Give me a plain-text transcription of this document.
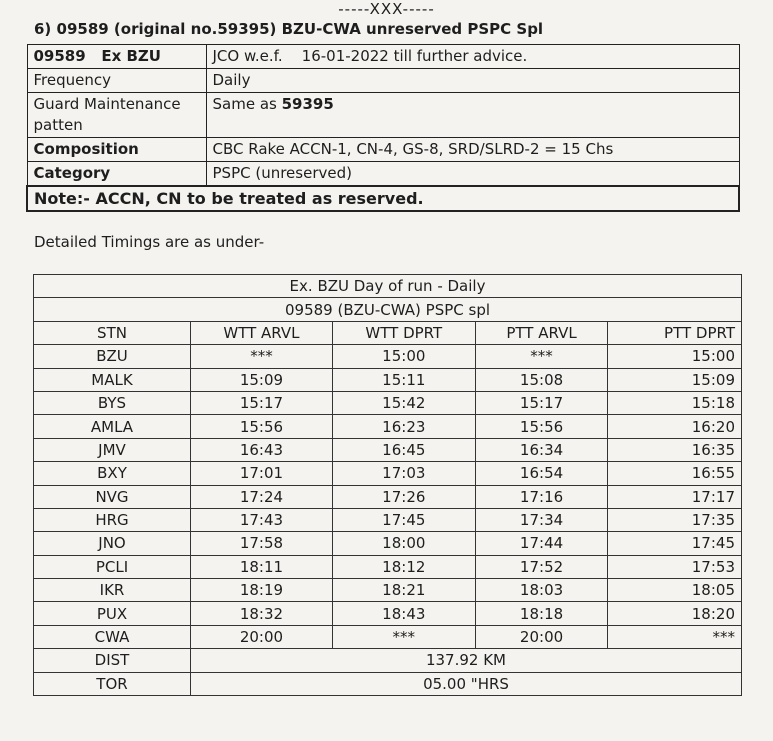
-----XXX-----
6) 09589 (original no.59395) BZU-CWA unreserved PSPC Spl
09589   Ex BZU	JCO w.e.f.    16-01-2022 till further advice.
Frequency	Daily
Guard Maintenance patten	Same as 59395
Composition	CBC Rake ACCN-1, CN-4, GS-8, SRD/SLRD-2 = 15 Chs
Category	PSPC (unreserved)
Note:- ACCN, CN to be treated as reserved.	
Detailed Timings are as under-
Ex. BZU Day of run - Daily				
09589 (BZU-CWA) PSPC spl				
STN	WTT ARVL	WTT DPRT	PTT ARVL	PTT DPRT
BZU	***	15:00	***	15:00
MALK	15:09	15:11	15:08	15:09
BYS	15:17	15:42	15:17	15:18
AMLA	15:56	16:23	15:56	16:20
JMV	16:43	16:45	16:34	16:35
BXY	17:01	17:03	16:54	16:55
NVG	17:24	17:26	17:16	17:17
HRG	17:43	17:45	17:34	17:35
JNO	17:58	18:00	17:44	17:45
PCLI	18:11	18:12	17:52	17:53
IKR	18:19	18:21	18:03	18:05
PUX	18:32	18:43	18:18	18:20
CWA	20:00	***	20:00	***
DIST	137.92 KM			
TOR	05.00 "HRS			
